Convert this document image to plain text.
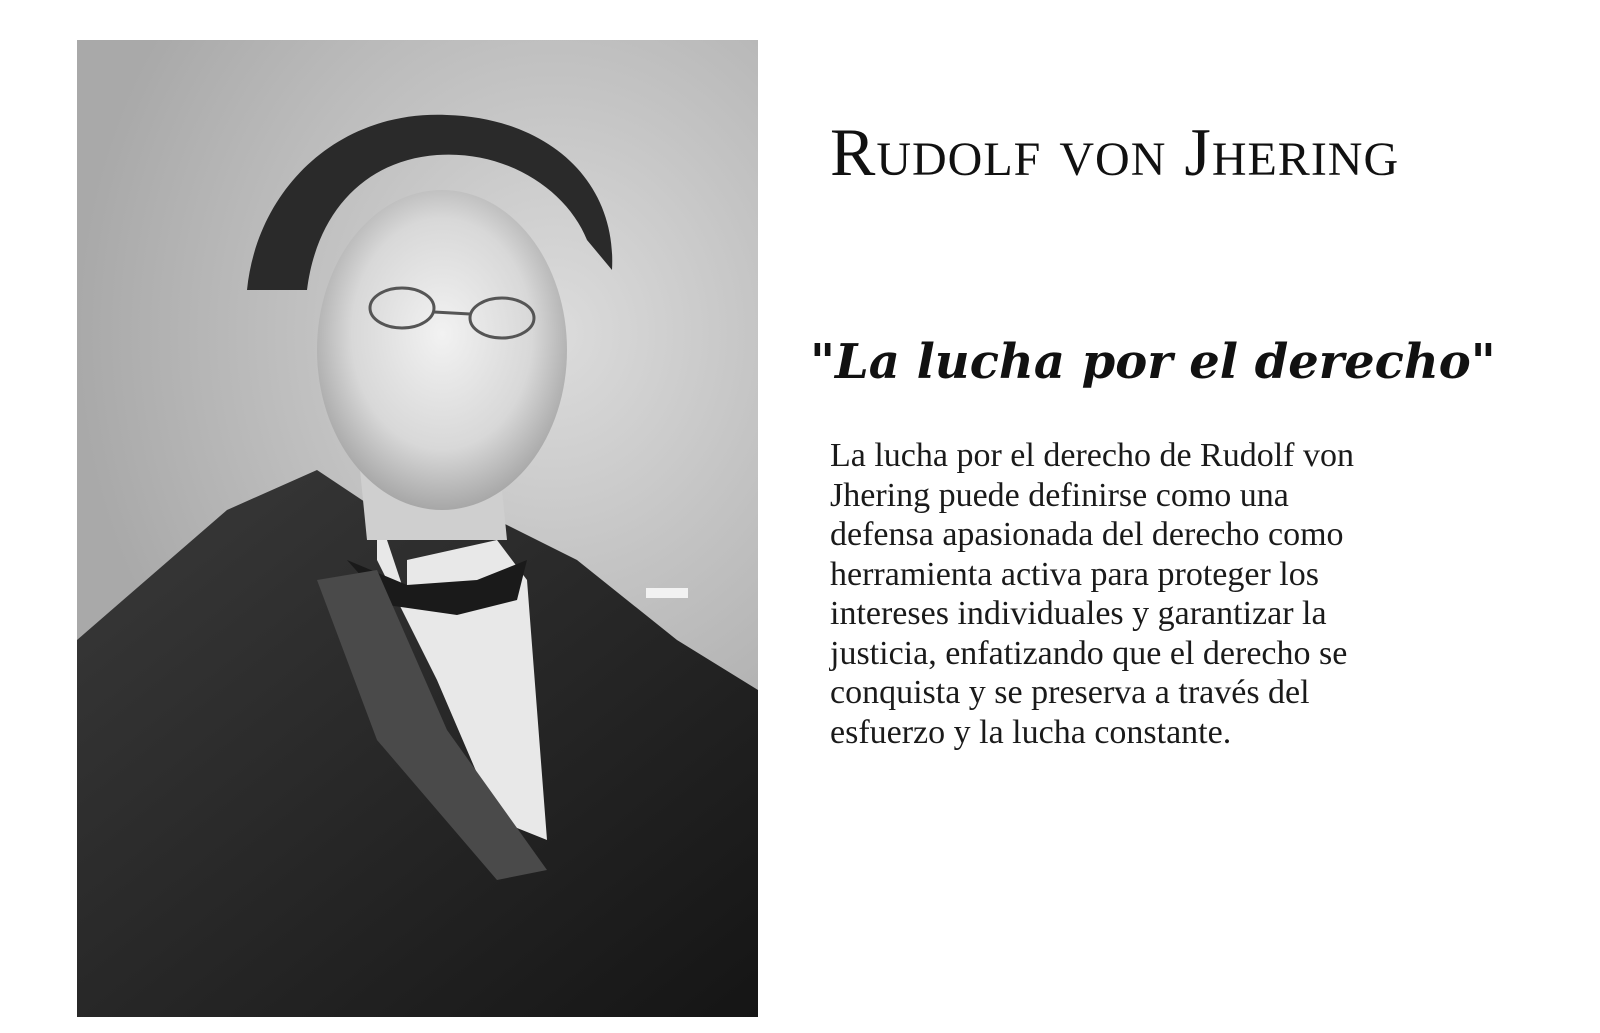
Rudolf von Jhering
"La lucha por el derecho"

La lucha por el derecho de Rudolf von Jhering puede definirse como una defensa apasionada del derecho como herramienta activa para proteger los intereses individuales y garantizar la justicia, enfatizando que el derecho se conquista y se preserva a través del esfuerzo y la lucha constante.
